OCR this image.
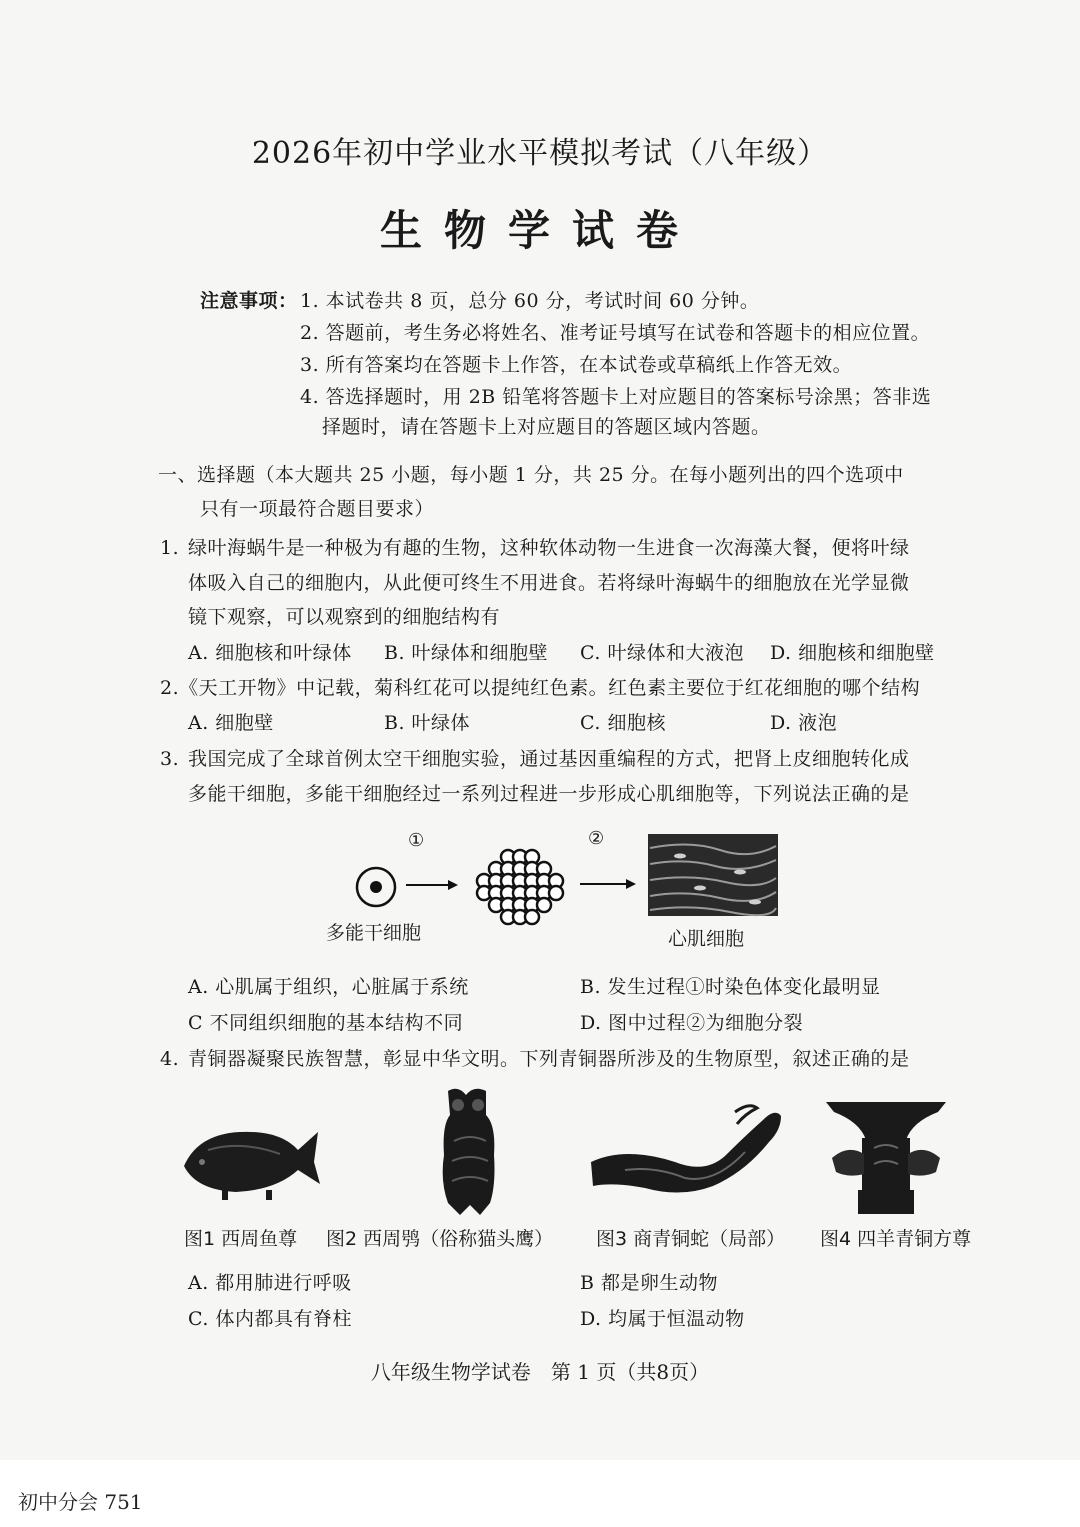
2026年初中学业水平模拟考试（八年级）
生物学试卷
注意事项： 1. 本试卷共 8 页，总分 60 分，考试时间 60 分钟。
2. 答题前，考生务必将姓名、准考证号填写在试卷和答题卡的相应位置。
3. 所有答案均在答题卡上作答，在本试卷或草稿纸上作答无效。
4. 答选择题时，用 2B 铅笔将答题卡上对应题目的答案标号涂黑；答非选
择题时，请在答题卡上对应题目的答题区域内答题。
一、选择题（本大题共 25 小题，每小题 1 分，共 25 分。在每小题列出的四个选项中
只有一项最符合题目要求）
1. 绿叶海蜗牛是一种极为有趣的生物，这种软体动物一生进食一次海藻大餐，便将叶绿
体吸入自己的细胞内，从此便可终生不用进食。若将绿叶海蜗牛的细胞放在光学显微
镜下观察，可以观察到的细胞结构有
A. 细胞核和叶绿体 B. 叶绿体和细胞壁 C. 叶绿体和大液泡 D. 细胞核和细胞壁
2.《天工开物》中记载，菊科红花可以提纯红色素。红色素主要位于红花细胞的哪个结构
A. 细胞壁	B. 叶绿体	C. 细胞核	D. 液泡
3. 我国完成了全球首例太空干细胞实验，通过基因重编程的方式，把肾上皮细胞转化成
多能干细胞，多能干细胞经过一系列过程进一步形成心肌细胞等，下列说法正确的是
①	②
多能干细胞	心肌细胞
A. 心肌属于组织，心脏属于系统	B. 发生过程①时染色体变化最明显
C 不同组织细胞的基本结构不同	D. 图中过程②为细胞分裂
4. 青铜器凝聚民族智慧，彰显中华文明。下列青铜器所涉及的生物原型，叙述正确的是
图1 西周鱼尊 图2 西周鸮（俗称猫头鹰） 图3 商青铜蛇（局部） 图4 四羊青铜方尊
A. 都用肺进行呼吸	B 都是卵生动物
C. 体内都具有脊柱	D. 均属于恒温动物
八年级生物学试卷　第 1 页（共8页）
初中分会 751
